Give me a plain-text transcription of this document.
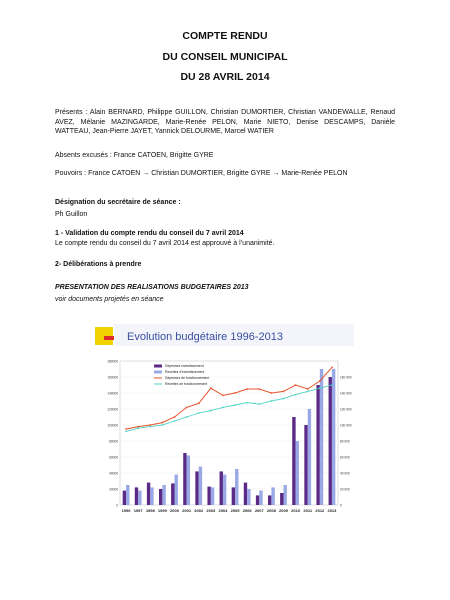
COMPTE RENDU
DU CONSEIL MUNICIPAL
DU 28 AVRIL 2014
Présents : Alain BERNARD, Philippe GUILLON, Christian DUMORTIER, Christian VANDEWALLE, Renaud AVEZ, Mélanie MAZINGARDE, Marie-Renée PELON, Marie NIETO, Denise DESCAMPS, Danièle WATTEAU, Jean-Pierre JAYET, Yannick DELOURME, Marcel WATIER
Absents excusés : France CATOEN, Brigitte GYRE
Pouvoirs : France CATOEN → Christian DUMORTIER, Brigitte GYRE → Marie-Renée PELON
Désignation du secrétaire de séance :
Ph Guillon
1 - Validation du compte rendu du conseil du 7 avril 2014
Le compte rendu du conseil du 7 avril 2014 est approuvé à l’unanimité.
2- Délibérations à prendre
PRESENTATION DES REALISATIONS BUDGETAIRES 2013
voir documents projetés en séance
Evolution budgétaire 1996-2013
180000
160000
140000
120000
100000
80000
60000
40000
20000
0
160 000
140 000
120 000
100 000
80 000
60 000
40 000
20 000
0
1996 1997 1998 1999 2000 2001 2002 2003 2004 2005 2006 2007 2008 2009 2010 2011 2012 2013
Dépenses investissement
Recettes d'investissement
Dépenses de fonctionnement
Recettes de fonctionnement
